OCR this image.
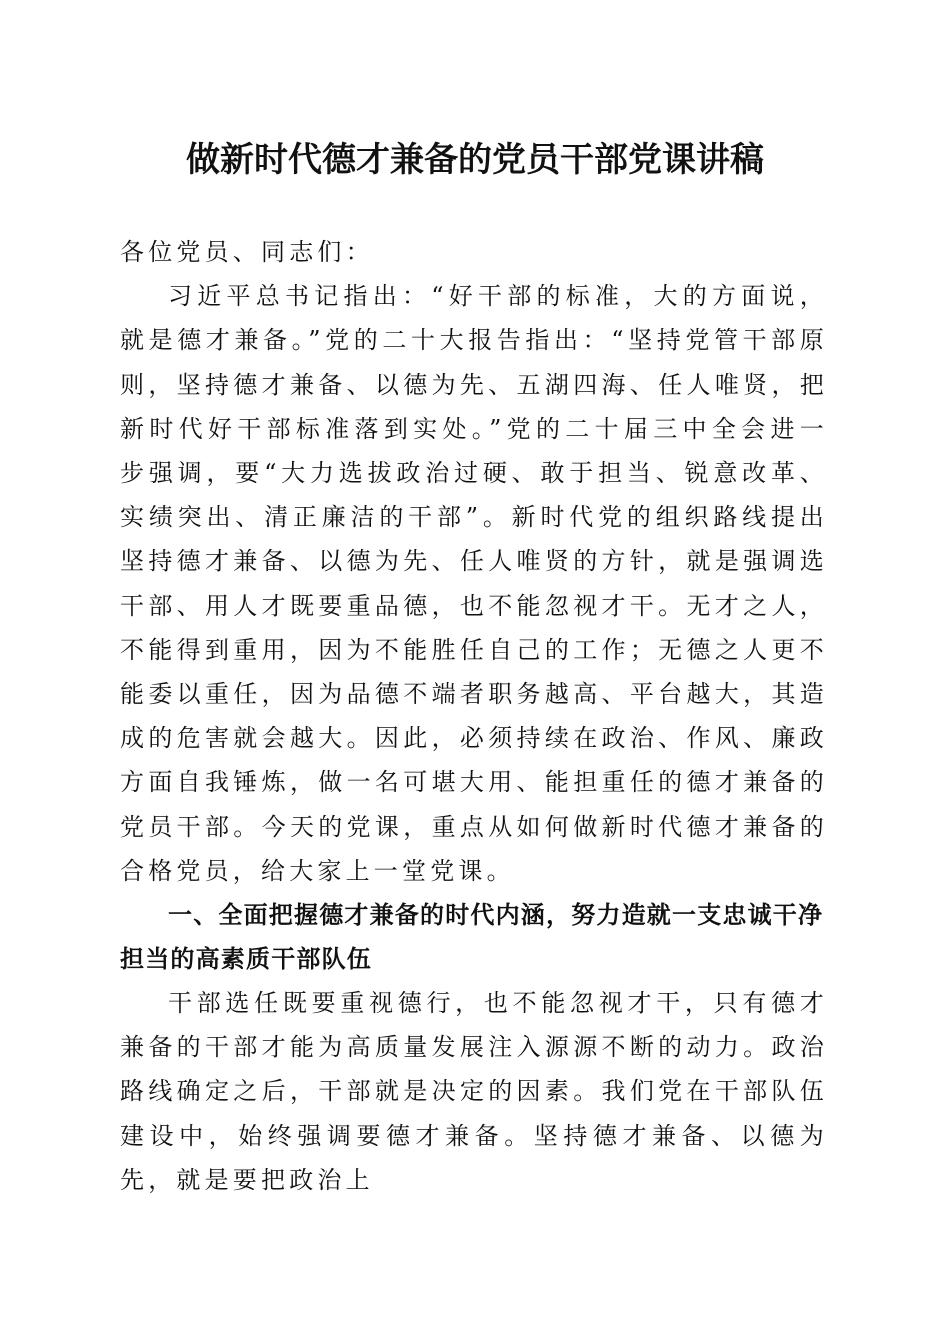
做新时代德才兼备的党员干部党课讲稿

各位党员、同志们：

习近平总书记指出：“好干部的标准，大的方面说，就是德才兼备。”党的二十大报告指出：“坚持党管干部原则，坚持德才兼备、以德为先、五湖四海、任人唯贤，把新时代好干部标准落到实处。”党的二十届三中全会进一步强调，要“大力选拔政治过硬、敢于担当、锐意改革、实绩突出、清正廉洁的干部”。新时代党的组织路线提出坚持德才兼备、以德为先、任人唯贤的方针，就是强调选干部、用人才既要重品德，也不能忽视才干。无才之人，不能得到重用，因为不能胜任自己的工作；无德之人更不能委以重任，因为品德不端者职务越高、平台越大，其造成的危害就会越大。因此，必须持续在政治、作风、廉政方面自我锤炼，做一名可堪大用、能担重任的德才兼备的党员干部。今天的党课，重点从如何做新时代德才兼备的合格党员，给大家上一堂党课。

一、全面把握德才兼备的时代内涵，努力造就一支忠诚干净担当的高素质干部队伍

干部选任既要重视德行，也不能忽视才干，只有德才兼备的干部才能为高质量发展注入源源不断的动力。政治路线确定之后，干部就是决定的因素。我们党在干部队伍建设中，始终强调要德才兼备。坚持德才兼备、以德为先，就是要把政治上
